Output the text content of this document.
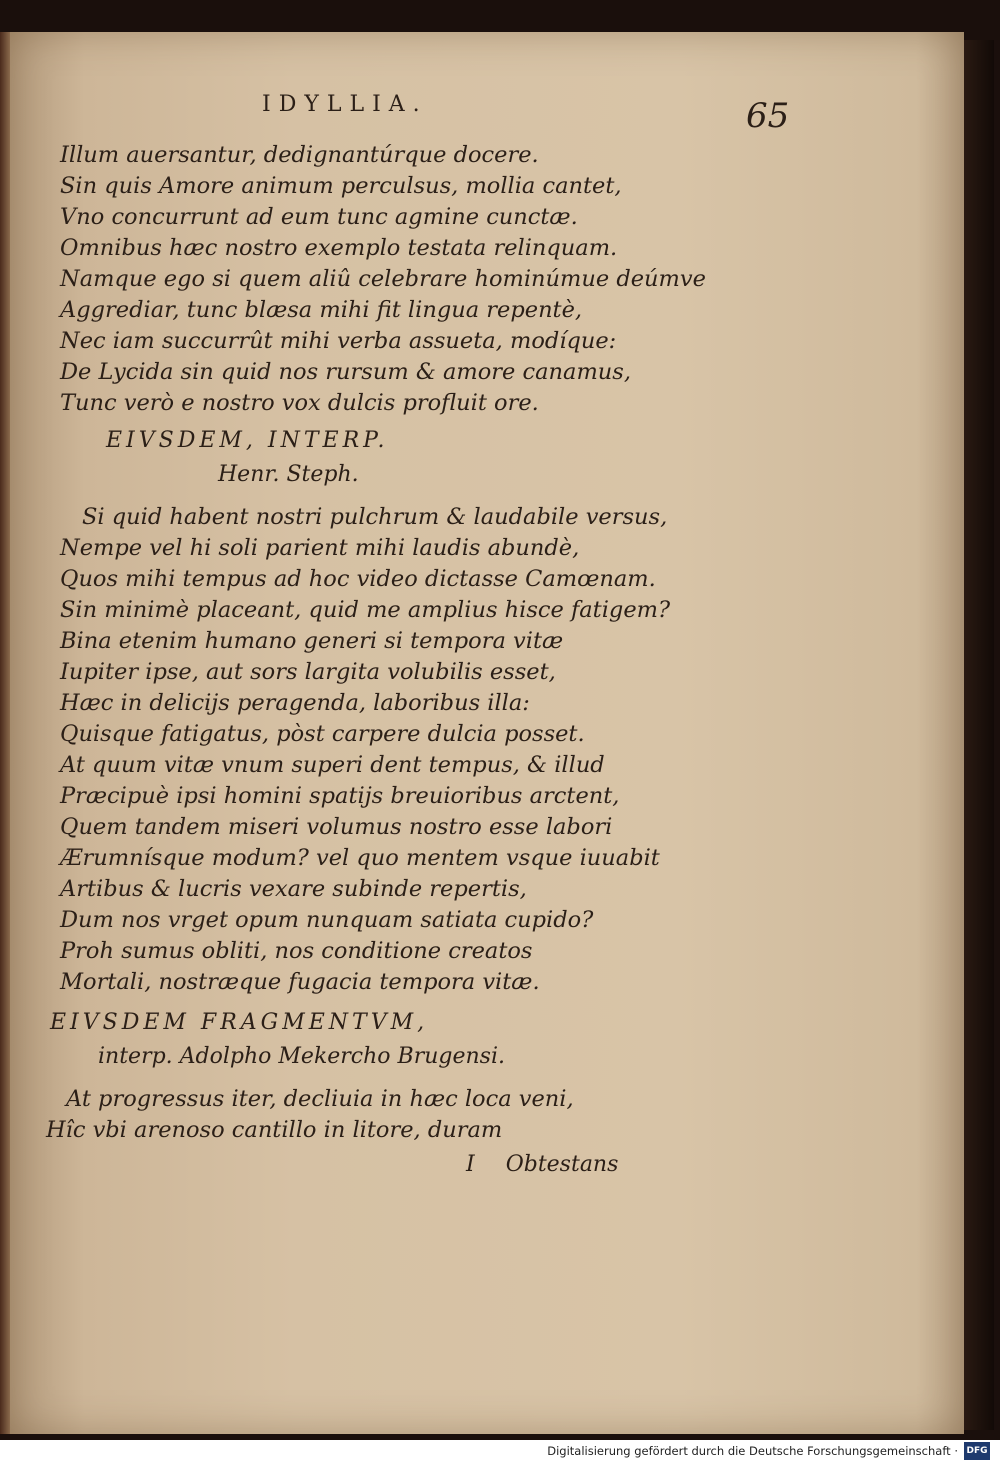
IDYLLIA.	65
Illum auersantur, dedignantúrque docere.
Sin quis Amore animum perculsus, mollia cantet,
Vno concurrunt ad eum tunc agmine cunctæ.
Omnibus hæc nostro exemplo testata relinquam.
Namque ego si quem aliû celebrare hominúmue deúmve
Aggrediar, tunc blæsa mihi fit lingua repentè,
Nec iam succurrût mihi verba assueta, modíque:
De Lycida sin quid nos rursum & amore canamus,
Tunc verò e nostro vox dulcis profluit ore.
EIVSDEM, INTERP.
Henr. Steph.
Si quid habent nostri pulchrum & laudabile versus,
Nempe vel hi soli parient mihi laudis abundè,
Quos mihi tempus ad hoc video dictasse Camœnam.
Sin minimè placeant, quid me amplius hisce fatigem?
Bina etenim humano generi si tempora vitæ
Iupiter ipse, aut sors largita volubilis esset,
Hæc in delicijs peragenda, laboribus illa:
Quisque fatigatus, pòst carpere dulcia posset.
At quum vitæ vnum superi dent tempus, & illud
Præcipuè ipsi homini spatijs breuioribus arctent,
Quem tandem miseri volumus nostro esse labori
Ærumnísque modum? vel quo mentem vsque iuuabit
Artibus & lucris vexare subinde repertis,
Dum nos vrget opum nunquam satiata cupido?
Proh sumus obliti, nos conditione creatos
Mortali, nostræque fugacia tempora vitæ.
EIVSDEM FRAGMENTVM,
interp. Adolpho Mekercho Brugensi.
At progressus iter, decliuia in hæc loca veni,
Hîc vbi arenoso cantillo in litore, duram
I Obtestans
Digitalisierung gefördert durch die Deutsche Forschungsgemeinschaft · DFG
